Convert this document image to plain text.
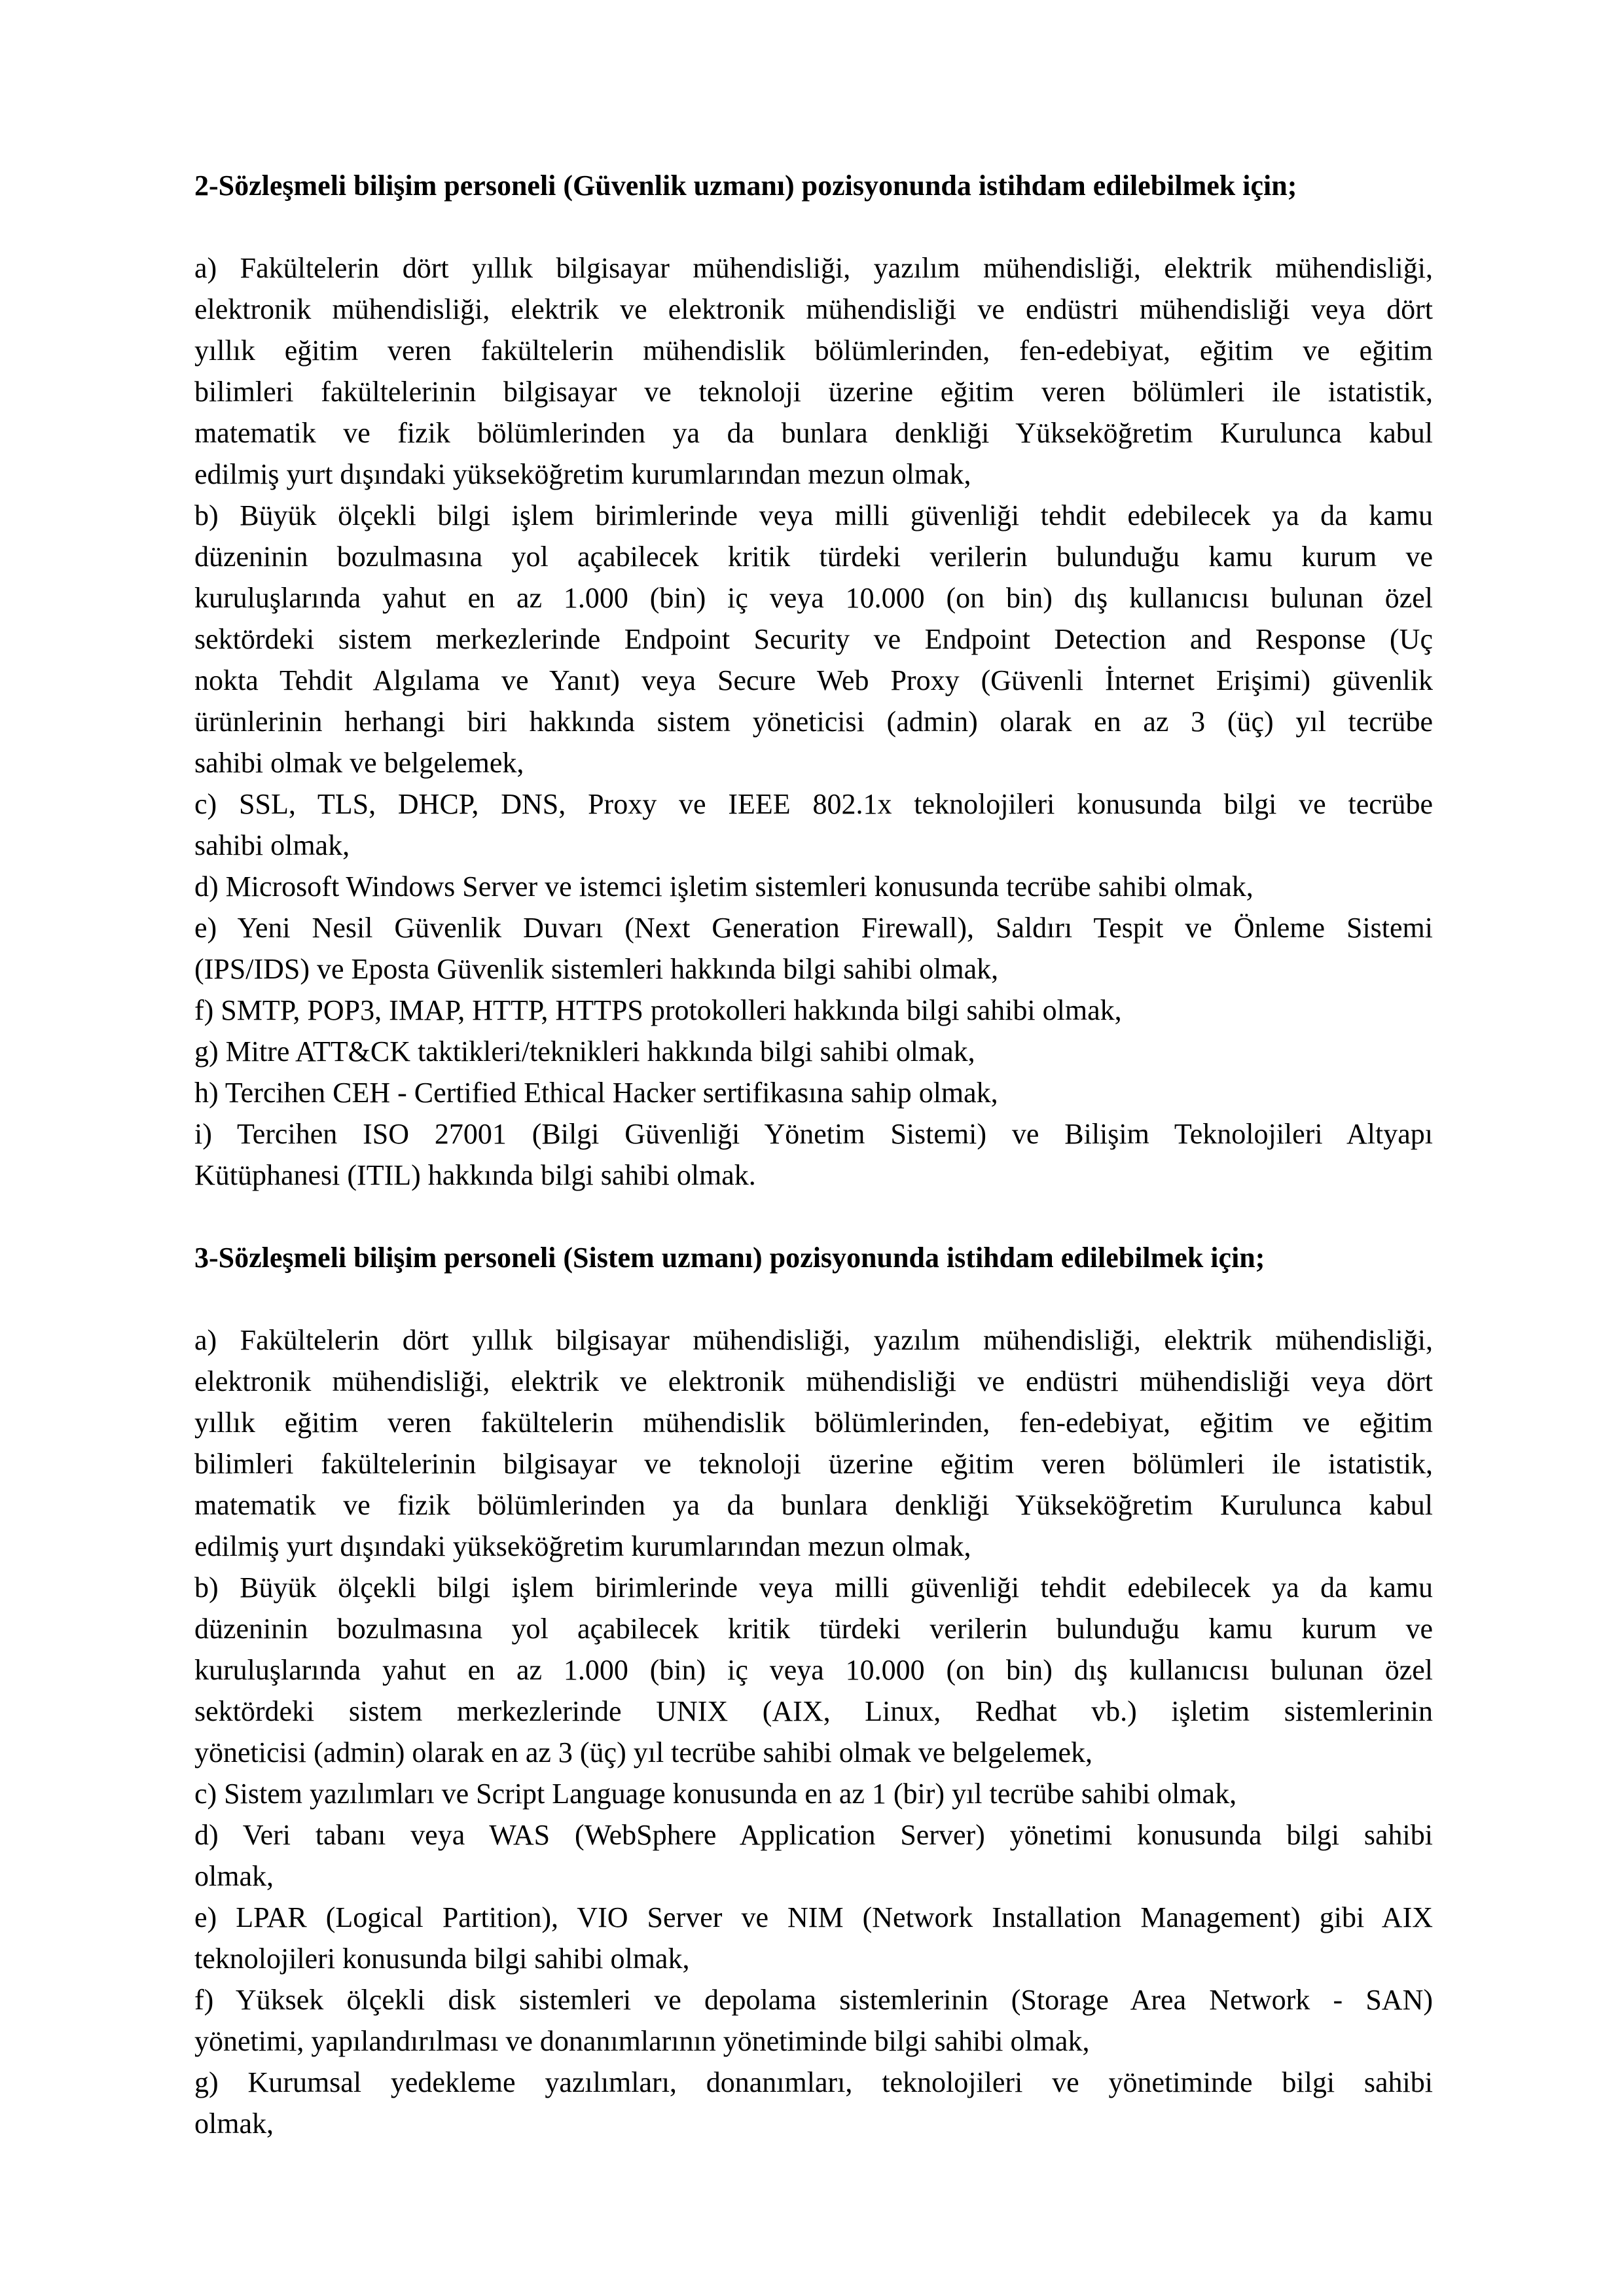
2-Sözleşmeli bilişim personeli (Güvenlik uzmanı) pozisyonunda istihdam edilebilmek için;
a) Fakültelerin dört yıllık bilgisayar mühendisliği, yazılım mühendisliği, elektrik mühendisliği,
elektronik mühendisliği, elektrik ve elektronik mühendisliği ve endüstri mühendisliği veya dört
yıllık eğitim veren fakültelerin mühendislik bölümlerinden, fen-edebiyat, eğitim ve eğitim
bilimleri fakültelerinin bilgisayar ve teknoloji üzerine eğitim veren bölümleri ile istatistik,
matematik ve fizik bölümlerinden ya da bunlara denkliği Yükseköğretim Kurulunca kabul
edilmiş yurt dışındaki yükseköğretim kurumlarından mezun olmak,
b) Büyük ölçekli bilgi işlem birimlerinde veya milli güvenliği tehdit edebilecek ya da kamu
düzeninin bozulmasına yol açabilecek kritik türdeki verilerin bulunduğu kamu kurum ve
kuruluşlarında yahut en az 1.000 (bin) iç veya 10.000 (on bin) dış kullanıcısı bulunan özel
sektördeki sistem merkezlerinde Endpoint Security ve Endpoint Detection and Response (Uç
nokta Tehdit Algılama ve Yanıt) veya Secure Web Proxy (Güvenli İnternet Erişimi) güvenlik
ürünlerinin herhangi biri hakkında sistem yöneticisi (admin) olarak en az 3 (üç) yıl tecrübe
sahibi olmak ve belgelemek,
c) SSL, TLS, DHCP, DNS, Proxy ve IEEE 802.1x teknolojileri konusunda bilgi ve tecrübe
sahibi olmak,
d) Microsoft Windows Server ve istemci işletim sistemleri konusunda tecrübe sahibi olmak,
e) Yeni Nesil Güvenlik Duvarı (Next Generation Firewall), Saldırı Tespit ve Önleme Sistemi
(IPS/IDS) ve Eposta Güvenlik sistemleri hakkında bilgi sahibi olmak,
f) SMTP, POP3, IMAP, HTTP, HTTPS protokolleri hakkında bilgi sahibi olmak,
g) Mitre ATT&CK taktikleri/teknikleri hakkında bilgi sahibi olmak,
h) Tercihen CEH - Certified Ethical Hacker sertifikasına sahip olmak,
i) Tercihen ISO 27001 (Bilgi Güvenliği Yönetim Sistemi) ve Bilişim Teknolojileri Altyapı
Kütüphanesi (ITIL) hakkında bilgi sahibi olmak.
3-Sözleşmeli bilişim personeli (Sistem uzmanı) pozisyonunda istihdam edilebilmek için;
a) Fakültelerin dört yıllık bilgisayar mühendisliği, yazılım mühendisliği, elektrik mühendisliği,
elektronik mühendisliği, elektrik ve elektronik mühendisliği ve endüstri mühendisliği veya dört
yıllık eğitim veren fakültelerin mühendislik bölümlerinden, fen-edebiyat, eğitim ve eğitim
bilimleri fakültelerinin bilgisayar ve teknoloji üzerine eğitim veren bölümleri ile istatistik,
matematik ve fizik bölümlerinden ya da bunlara denkliği Yükseköğretim Kurulunca kabul
edilmiş yurt dışındaki yükseköğretim kurumlarından mezun olmak,
b) Büyük ölçekli bilgi işlem birimlerinde veya milli güvenliği tehdit edebilecek ya da kamu
düzeninin bozulmasına yol açabilecek kritik türdeki verilerin bulunduğu kamu kurum ve
kuruluşlarında yahut en az 1.000 (bin) iç veya 10.000 (on bin) dış kullanıcısı bulunan özel
sektördeki sistem merkezlerinde UNIX (AIX, Linux, Redhat vb.) işletim sistemlerinin
yöneticisi (admin) olarak en az 3 (üç) yıl tecrübe sahibi olmak ve belgelemek,
c) Sistem yazılımları ve Script Language konusunda en az 1 (bir) yıl tecrübe sahibi olmak,
d) Veri tabanı veya WAS (WebSphere Application Server) yönetimi konusunda bilgi sahibi
olmak,
e) LPAR (Logical Partition), VIO Server ve NIM (Network Installation Management) gibi AIX
teknolojileri konusunda bilgi sahibi olmak,
f) Yüksek ölçekli disk sistemleri ve depolama sistemlerinin (Storage Area Network - SAN)
yönetimi, yapılandırılması ve donanımlarının yönetiminde bilgi sahibi olmak,
g) Kurumsal yedekleme yazılımları, donanımları, teknolojileri ve yönetiminde bilgi sahibi
olmak,
